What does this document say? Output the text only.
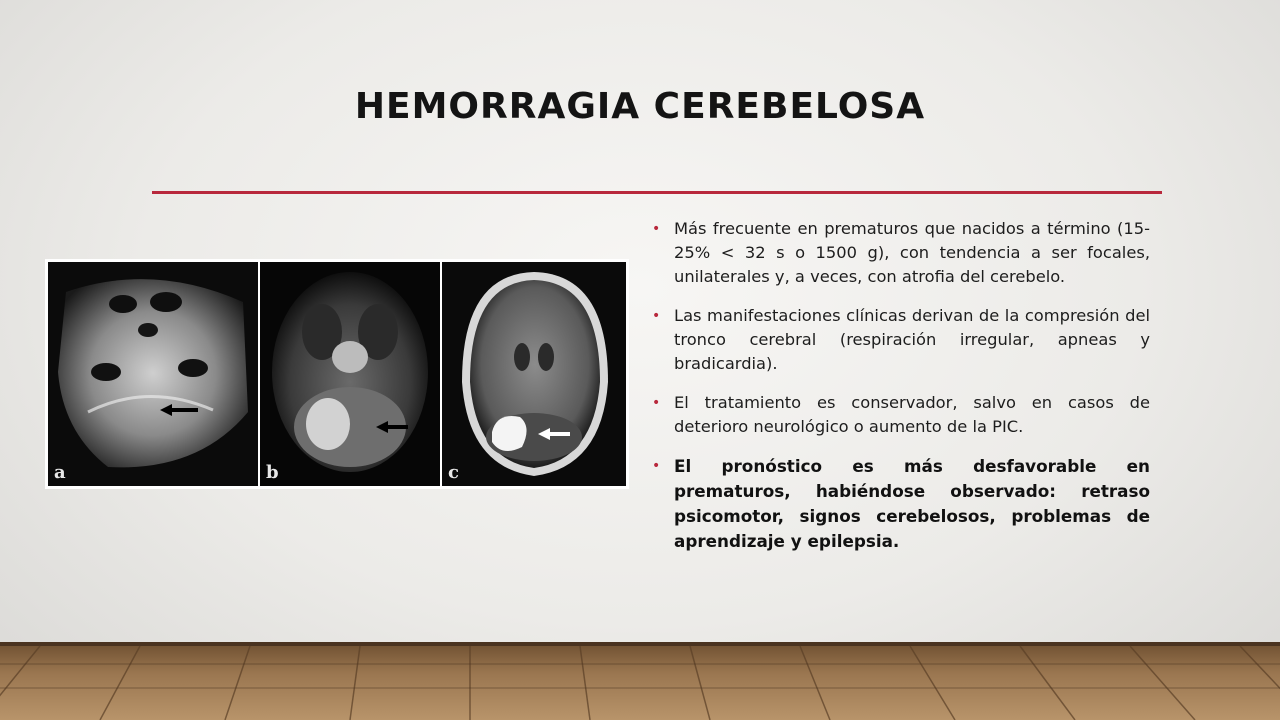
HEMORRAGIA CEREBELOSA
a	b	c
• Más frecuente en prematuros que nacidos a término (15-25% < 32 s o 1500 g), con tendencia a ser focales, unilaterales y, a veces, con atrofia del cerebelo.
• Las manifestaciones clínicas derivan de la compresión del tronco cerebral (respiración irregular, apneas y bradicardia).
• El tratamiento es conservador, salvo en casos de deterioro neurológico o aumento de la PIC.
• El pronóstico es más desfavorable en prematuros, habiéndose observado: retraso psicomotor, signos cerebelosos, problemas de aprendizaje y epilepsia.
